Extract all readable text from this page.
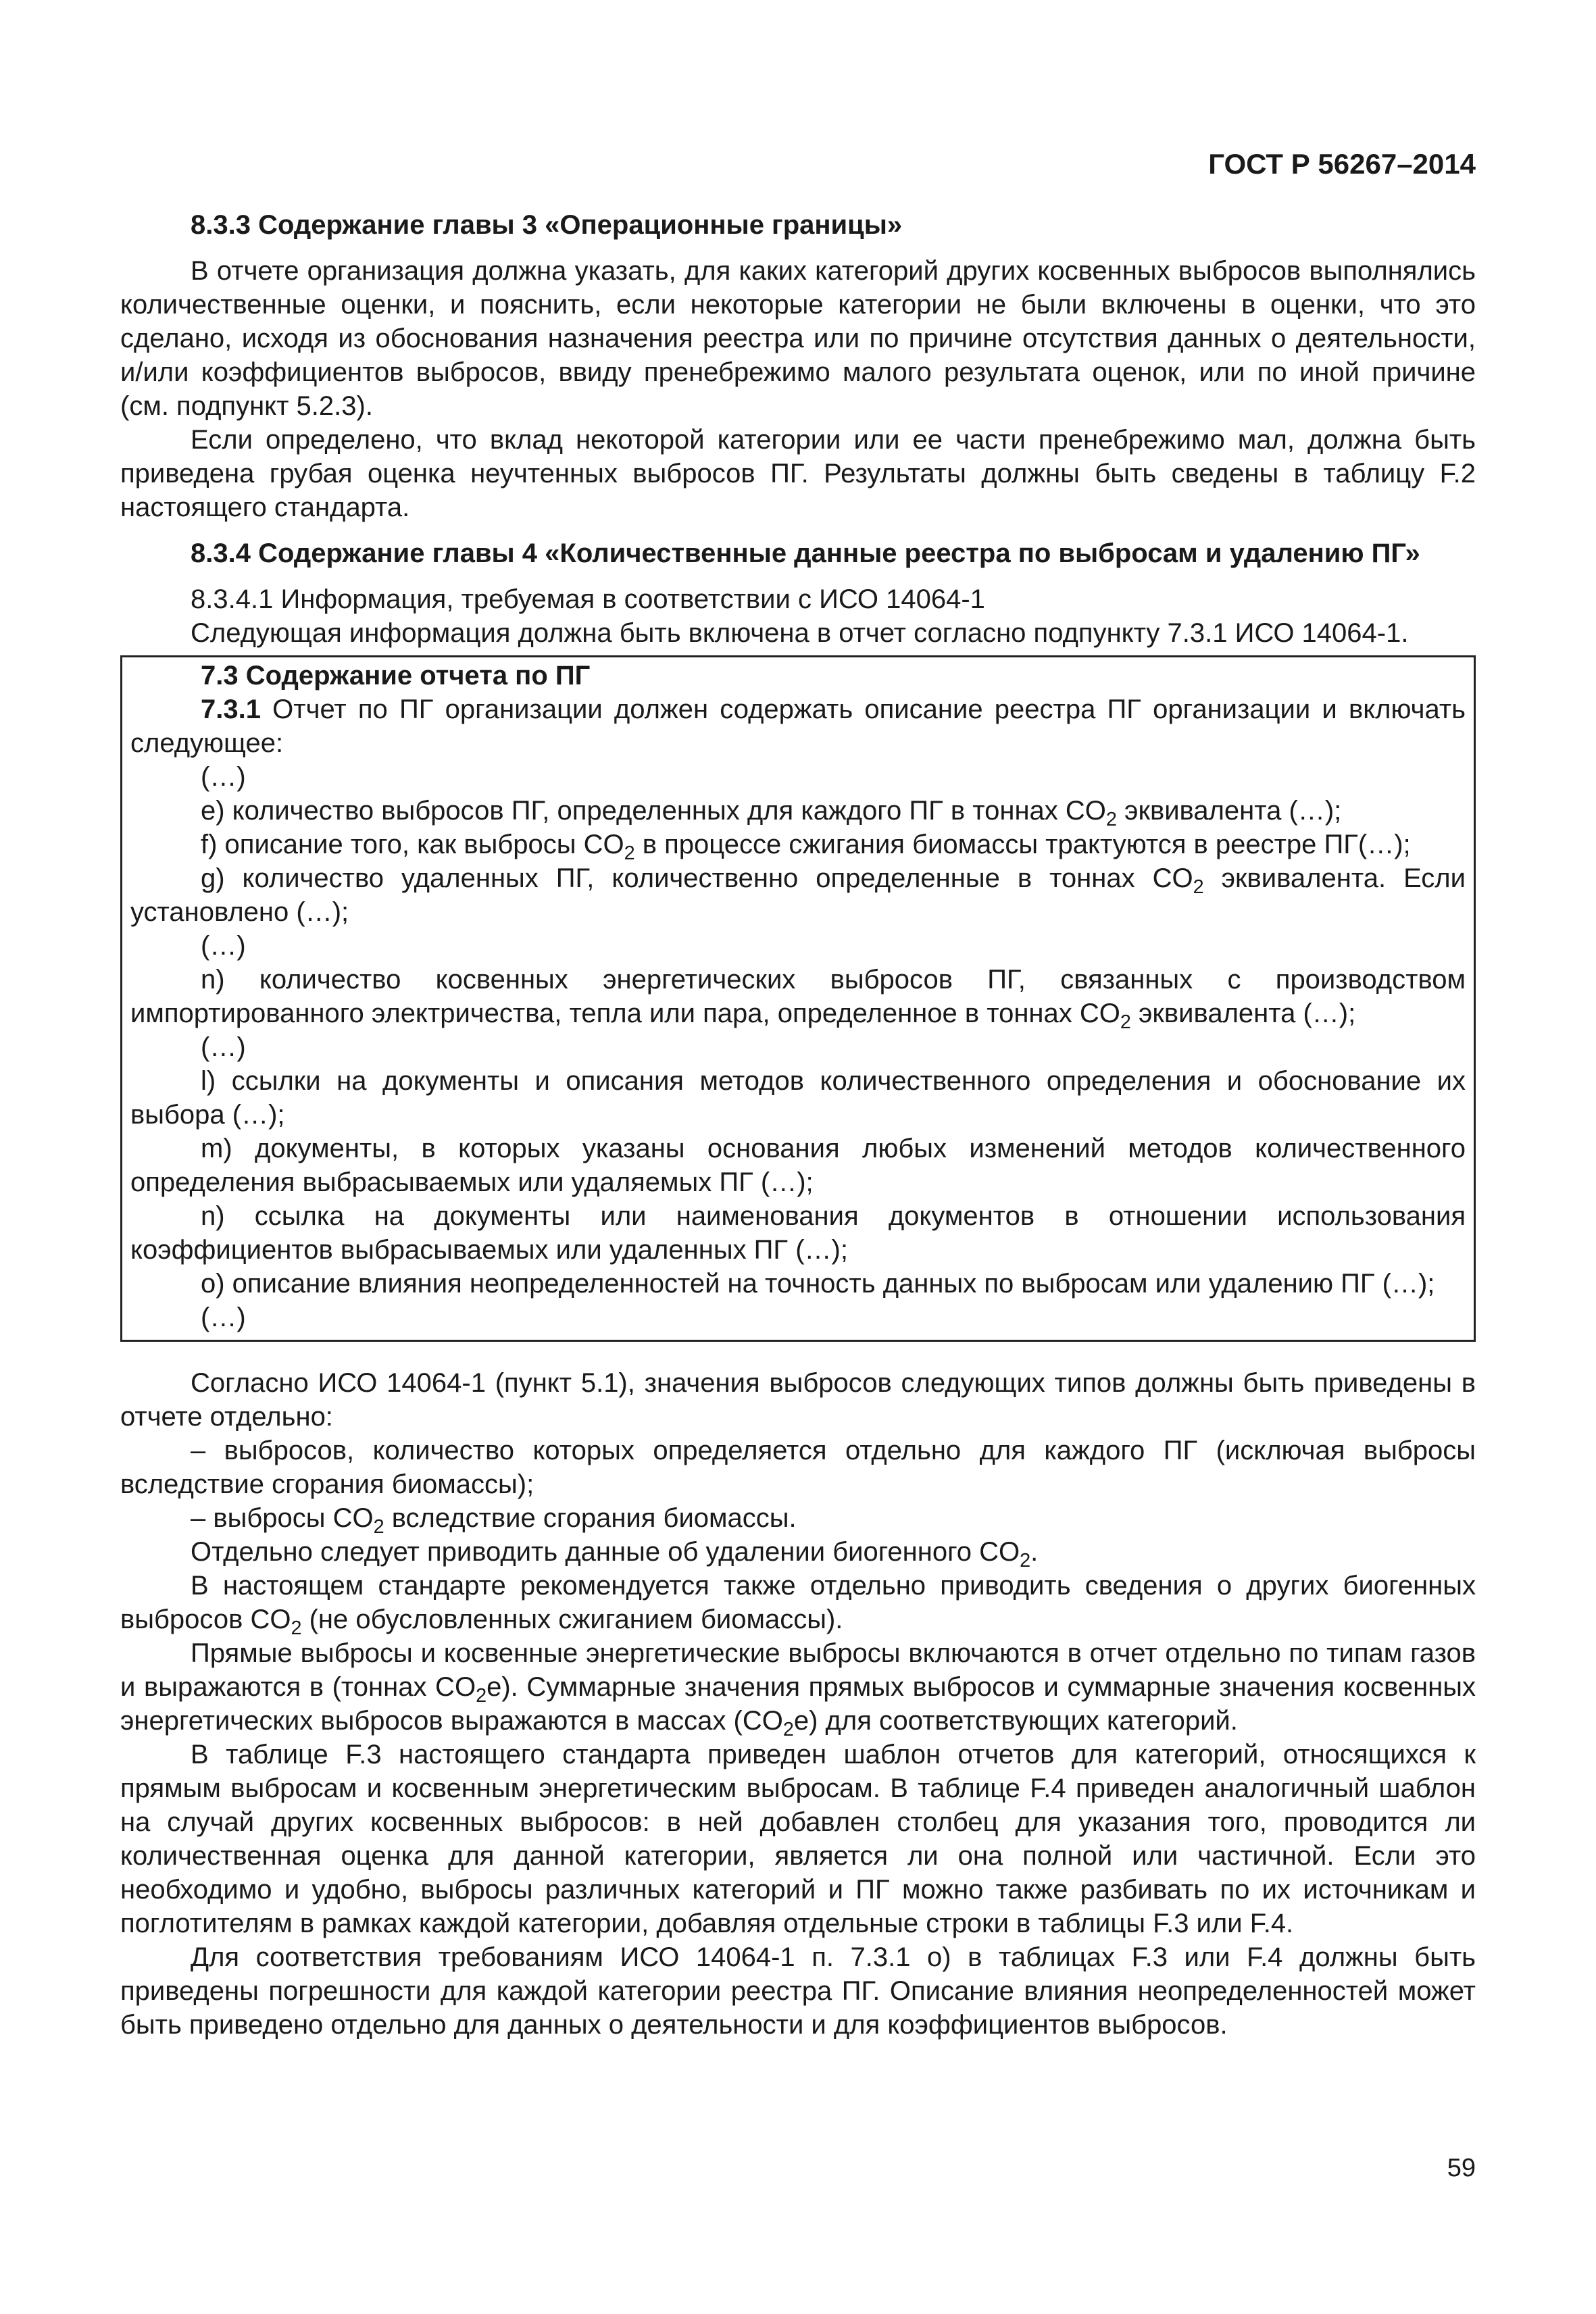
ГОСТ Р 56267–2014
8.3.3 Содержание главы 3 «Операционные границы»

В отчете организация должна указать, для каких категорий других косвенных выбросов выполнялись количественные оценки, и пояснить, если некоторые категории не были включены в оценки, что это сделано, исходя из обоснования назначения реестра или по причине отсутствия данных о деятельности, и/или коэффициентов выбросов, ввиду пренебрежимо малого результата оценок, или по иной причине (см. подпункт 5.2.3).

Если определено, что вклад некоторой категории или ее части пренебрежимо мал, должна быть приведена грубая оценка неучтенных выбросов ПГ. Результаты должны быть сведены в таблицу F.2 настоящего стандарта.

8.3.4 Содержание главы 4 «Количественные данные реестра по выбросам и удалению ПГ»

8.3.4.1 Информация, требуемая в соответствии с ИСО 14064-1

Следующая информация должна быть включена в отчет согласно подпункту 7.3.1 ИСО 14064-1.

7.3 Содержание отчета по ПГ

7.3.1 Отчет по ПГ организации должен содержать описание реестра ПГ организации и включать следующее:

(…)

e) количество выбросов ПГ, определенных для каждого ПГ в тоннах $CO_2$ эквивалента (…);

f) описание того, как выбросы $CO_2$ в процессе сжигания биомассы трактуются в реестре ПГ(…);

g) количество удаленных ПГ, количественно определенные в тоннах $CO_2$ эквивалента. Если установлено (…);

(…)

n) количество косвенных энергетических выбросов ПГ, связанных с производством импортированного электричества, тепла или пара, определенное в тоннах $CO_2$ эквивалента (…);

(…)

l) ссылки на документы и описания методов количественного определения и обоснование их выбора (…);

m) документы, в которых указаны основания любых изменений методов количественного определения выбрасываемых или удаляемых ПГ (…);

n) ссылка на документы или наименования документов в отношении использования коэффициентов выбрасываемых или удаленных ПГ (…);

о) описание влияния неопределенностей на точность данных по выбросам или удалению ПГ (…);

(…)

Согласно ИСО 14064-1 (пункт 5.1), значения выбросов следующих типов должны быть приведены в отчете отдельно:

– выбросов, количество которых определяется отдельно для каждого ПГ (исключая выбросы вследствие сгорания биомассы);

– выбросы $CO_2$ вследствие сгорания биомассы.

Отдельно следует приводить данные об удалении биогенного $CO_2$.

В настоящем стандарте рекомендуется также отдельно приводить сведения о других биогенных выбросов $CO_2$ (не обусловленных сжиганием биомассы).

Прямые выбросы и косвенные энергетические выбросы включаются в отчет отдельно по типам газов и выражаются в (тоннах $CO_2е$). Суммарные значения прямых выбросов и суммарные значения косвенных энергетических выбросов выражаются в массах $(CO_2е)$ для соответствующих категорий.

В таблице F.3 настоящего стандарта приведен шаблон отчетов для категорий, относящихся к прямым выбросам и косвенным энергетическим выбросам. В таблице F.4 приведен аналогичный шаблон на случай других косвенных выбросов: в ней добавлен столбец для указания того, проводится ли количественная оценка для данной категории, является ли она полной или частичной. Если это необходимо и удобно, выбросы различных категорий и ПГ можно также разбивать по их источникам и поглотителям в рамках каждой категории, добавляя отдельные строки в таблицы F.3 или F.4.

Для соответствия требованиям ИСО 14064-1 п. 7.3.1 о) в таблицах F.3 или F.4 должны быть приведены погрешности для каждой категории реестра ПГ. Описание влияния неопределенностей может быть приведено отдельно для данных о деятельности и для коэффициентов выбросов.

59
